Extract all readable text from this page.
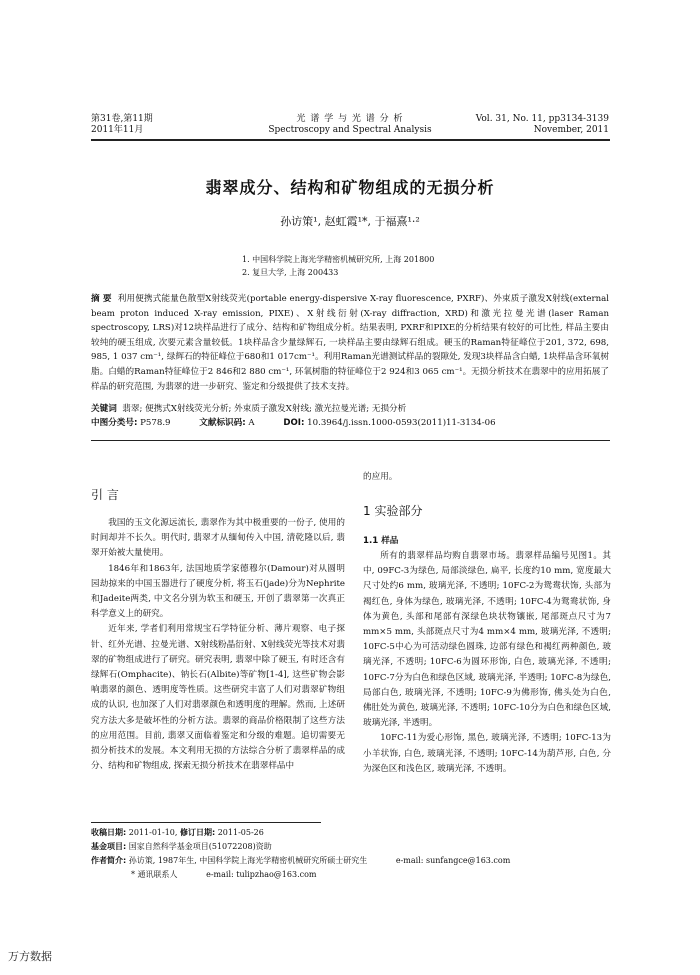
第31卷,第11期
2011年11月
光 谱 学 与 光 谱 分 析
Spectroscopy and Spectral Analysis
Vol. 31, No. 11, pp3134-3139
November, 2011
翡翠成分、结构和矿物组成的无损分析
孙访策¹, 赵虹霞¹*, 于福熹¹·²
1. 中国科学院上海光学精密机械研究所, 上海 201800
2. 复旦大学, 上海 200433
摘 要 利用便携式能量色散型X射线荧光(portable energy-dispersive X-ray fluorescence, PXRF)、外束质子激发X射线(external beam proton induced X-ray emission, PIXE)、X射线衍射(X-ray diffraction, XRD)和激光拉曼光谱(laser Raman spectroscopy, LRS)对12块样品进行了成分、结构和矿物组成分析。结果表明, PXRF和PIXE的分析结果有较好的可比性, 样品主要由较纯的硬玉组成, 次要元素含量较低。1块样品含少量绿辉石, 一块样品主要由绿辉石组成。硬玉的Raman特征峰位于201, 372, 698, 985, 1 037 cm⁻¹, 绿辉石的特征峰位于680和1 017cm⁻¹。利用Raman光谱测试样品的裂隙处, 发现3块样品含白蜡, 1块样品含环氧树脂。白蜡的Raman特征峰位于2 846和2 880 cm⁻¹, 环氧树脂的特征峰位于2 924和3 065 cm⁻¹。无损分析技术在翡翠中的应用拓展了样品的研究范围, 为翡翠的进一步研究、鉴定和分级提供了技术支持。
关键词 翡翠; 便携式X射线荧光分析; 外束质子激发X射线; 激光拉曼光谱; 无损分析
中图分类号: P578.9	文献标识码: A	DOI: 10.3964/j.issn.1000-0593(2011)11-3134-06
引 言

我国的玉文化源远流长, 翡翠作为其中极重要的一份子, 使用的时间却并不长久。明代时, 翡翠才从缅甸传入中国, 清乾隆以后, 翡翠开始被大量使用。

1846年和1863年, 法国地质学家德穆尔(Damour)对从圆明园劫掠来的中国玉器进行了硬度分析, 将玉石(jade)分为Nephrite和Jadeite两类, 中文名分别为软玉和硬玉, 开创了翡翠第一次真正科学意义上的研究。

近年来, 学者们利用常规宝石学特征分析、薄片观察、电子探针、红外光谱、拉曼光谱、X射线粉晶衍射、X射线荧光等技术对翡翠的矿物组成进行了研究。研究表明, 翡翠中除了硬玉, 有时还含有绿辉石(Omphacite)、钠长石(Albite)等矿物[1-4], 这些矿物会影响翡翠的颜色、透明度等性质。这些研究丰富了人们对翡翠矿物组成的认识, 也加深了人们对翡翠颜色和透明度的理解。然而, 上述研究方法大多是破坏性的分析方法。翡翠的商品价格限制了这些方法的应用范围。目前, 翡翠又面临着鉴定和分级的难题。追切需要无损分析技术的发展。本文利用无损的方法综合分析了翡翠样品的成分、结构和矿物组成, 探索无损分析技术在翡翠样品中

的应用。
1 实验部分
1.1 样品

所有的翡翠样品均购自翡翠市场。翡翠样品编号见图1。其中, 09FC-3为绿色, 局部淡绿色, 扁平, 长度约10 mm, 宽度最大尺寸处约6 mm, 玻璃光泽, 不透明; 10FC-2为鸳鸯状饰, 头部为褐红色, 身体为绿色, 玻璃光泽, 不透明; 10FC-4为鸳鸯状饰, 身体为黄色, 头部和尾部有深绿色块状物镶嵌, 尾部斑点尺寸为7 mm×5 mm, 头部斑点尺寸为4 mm×4 mm, 玻璃光泽, 不透明; 10FC-5中心为可活动绿色圆珠, 边部有绿色和褐红两种颜色, 玻璃光泽, 不透明; 10FC-6为圆环形饰, 白色, 玻璃光泽, 不透明; 10FC-7分为白色和绿色区域, 玻璃光泽, 半透明; 10FC-8为绿色, 局部白色, 玻璃光泽, 不透明; 10FC-9为佛形饰, 佛头处为白色, 佛肚处为黄色, 玻璃光泽, 不透明; 10FC-10分为白色和绿色区域, 玻璃光泽, 半透明。

10FC-11为爱心形饰, 黑色, 玻璃光泽, 不透明; 10FC-13为小羊状饰, 白色, 玻璃光泽, 不透明; 10FC-14为葫芦形, 白色, 分为深色区和浅色区, 玻璃光泽, 不透明。

收稿日期: 2011-01-10, 修订日期: 2011-05-26
基金项目: 国家自然科学基金项目(51072208)资助
作者简介: 孙访策, 1987年生, 中国科学院上海光学精密机械研究所硕士研究生	e-mail: sunfangce@163.com
* 通讯联系人	e-mail: tulipzhao@163.com
万方数据
